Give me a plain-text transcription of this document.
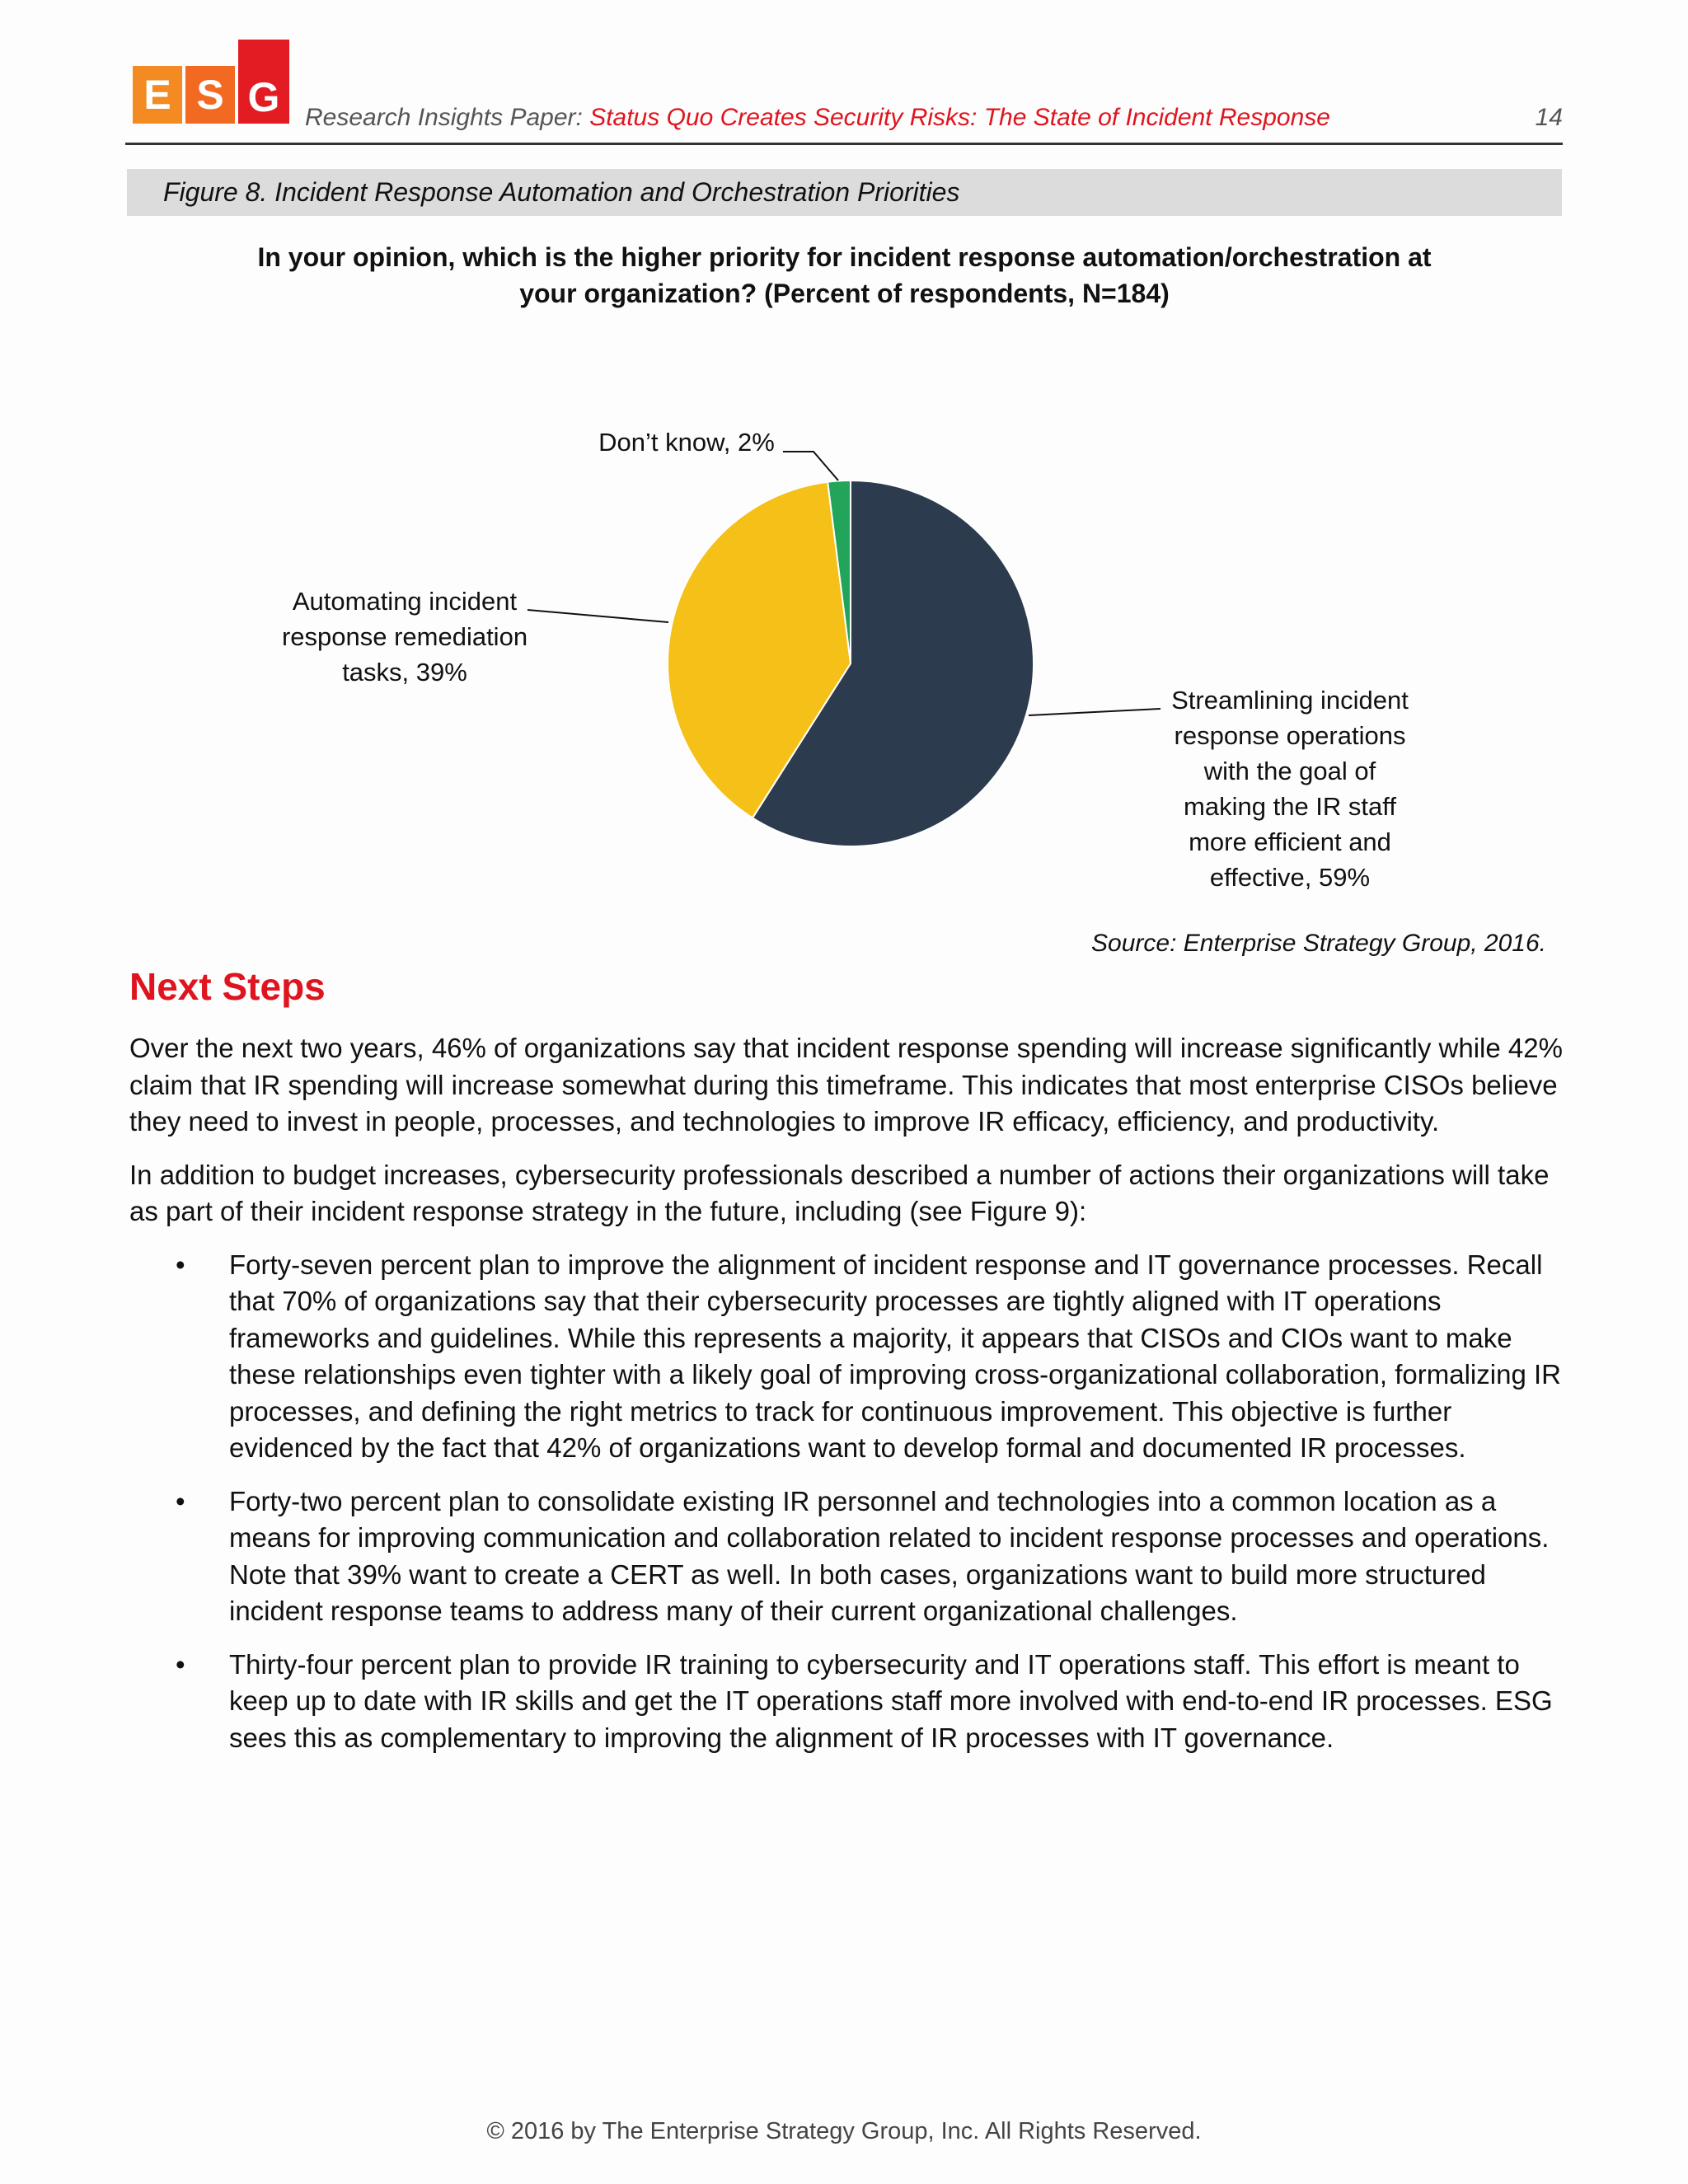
E S G	Research Insights Paper: Status Quo Creates Security Risks: The State of Incident Response	14
Figure 8. Incident Response Automation and Orchestration Priorities
In your opinion, which is the higher priority for incident response automation/orchestration at
your organization? (Percent of respondents, N=184)
Streamlining incident response operations with the goal of making the IR staff more efficient and effective, 59%
Automating incident response remediation tasks, 39%
Don’t know, 2%
Source: Enterprise Strategy Group, 2016.
Next Steps

Over the next two years, 46% of organizations say that incident response spending will increase significantly while 42% claim that IR spending will increase somewhat during this timeframe. This indicates that most enterprise CISOs believe they need to invest in people, processes, and technologies to improve IR efficacy, efficiency, and productivity.

In addition to budget increases, cybersecurity professionals described a number of actions their organizations will take as part of their incident response strategy in the future, including (see Figure 9):

• Forty-seven percent plan to improve the alignment of incident response and IT governance processes. Recall that 70% of organizations say that their cybersecurity processes are tightly aligned with IT operations frameworks and guidelines. While this represents a majority, it appears that CISOs and CIOs want to make these relationships even tighter with a likely goal of improving cross-organizational collaboration, formalizing IR processes, and defining the right metrics to track for continuous improvement. This objective is further evidenced by the fact that 42% of organizations want to develop formal and documented IR processes.
• Forty-two percent plan to consolidate existing IR personnel and technologies into a common location as a means for improving communication and collaboration related to incident response processes and operations. Note that 39% want to create a CERT as well. In both cases, organizations want to build more structured incident response teams to address many of their current organizational challenges.
• Thirty-four percent plan to provide IR training to cybersecurity and IT operations staff. This effort is meant to keep up to date with IR skills and get the IT operations staff more involved with end-to-end IR processes. ESG sees this as complementary to improving the alignment of IR processes with IT governance.
© 2016 by The Enterprise Strategy Group, Inc. All Rights Reserved.
